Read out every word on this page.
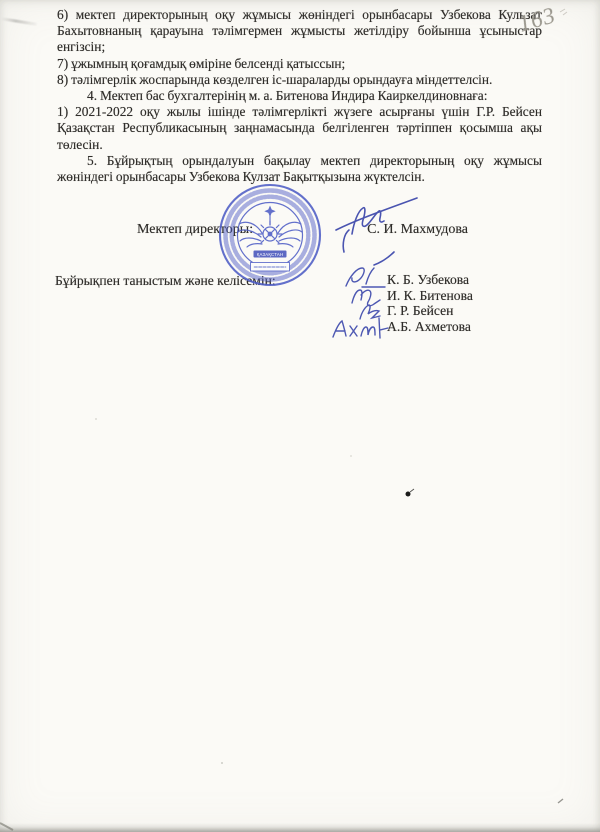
6) мектеп директорының оқу жұмысы жөніндегі орынбасары Узбекова Кульзат
Бахытовнаның қарауына тәлімгермен жұмысты жетілдіру бойынша ұсыныстар
енгізсін;
7) ұжымның қоғамдық өміріне белсенді қатыссын;
8) тәлімгерлік жоспарында көзделген іс-шараларды орындауға міндеттелсін.
4. Мектеп бас бухгалтерінің м. а. Битенова Индира Каиркелдиновнаға:
1) 2021-2022 оқу жылы ішінде тәлімгерлікті жүзеге асырғаны үшін Г.Р. Бейсен
Қазақстан Республикасының заңнамасында белгіленген тәртіппен қосымша ақы
төлесін.
5. Бұйрықтың орындалуын бақылау мектеп директорының оқу жұмысы
жөніндегі орынбасары Узбекова Кулзат Бақытқызына жүктелсін.
Мектеп директоры:	С. И. Махмудова
ҚАЗАҚСТАН
Бұйрықпен таныстым және келісемін:	К. Б. Узбекова
И. К. Битенова
Г. Р. Бейсен
А.Б. Ахметова
163
